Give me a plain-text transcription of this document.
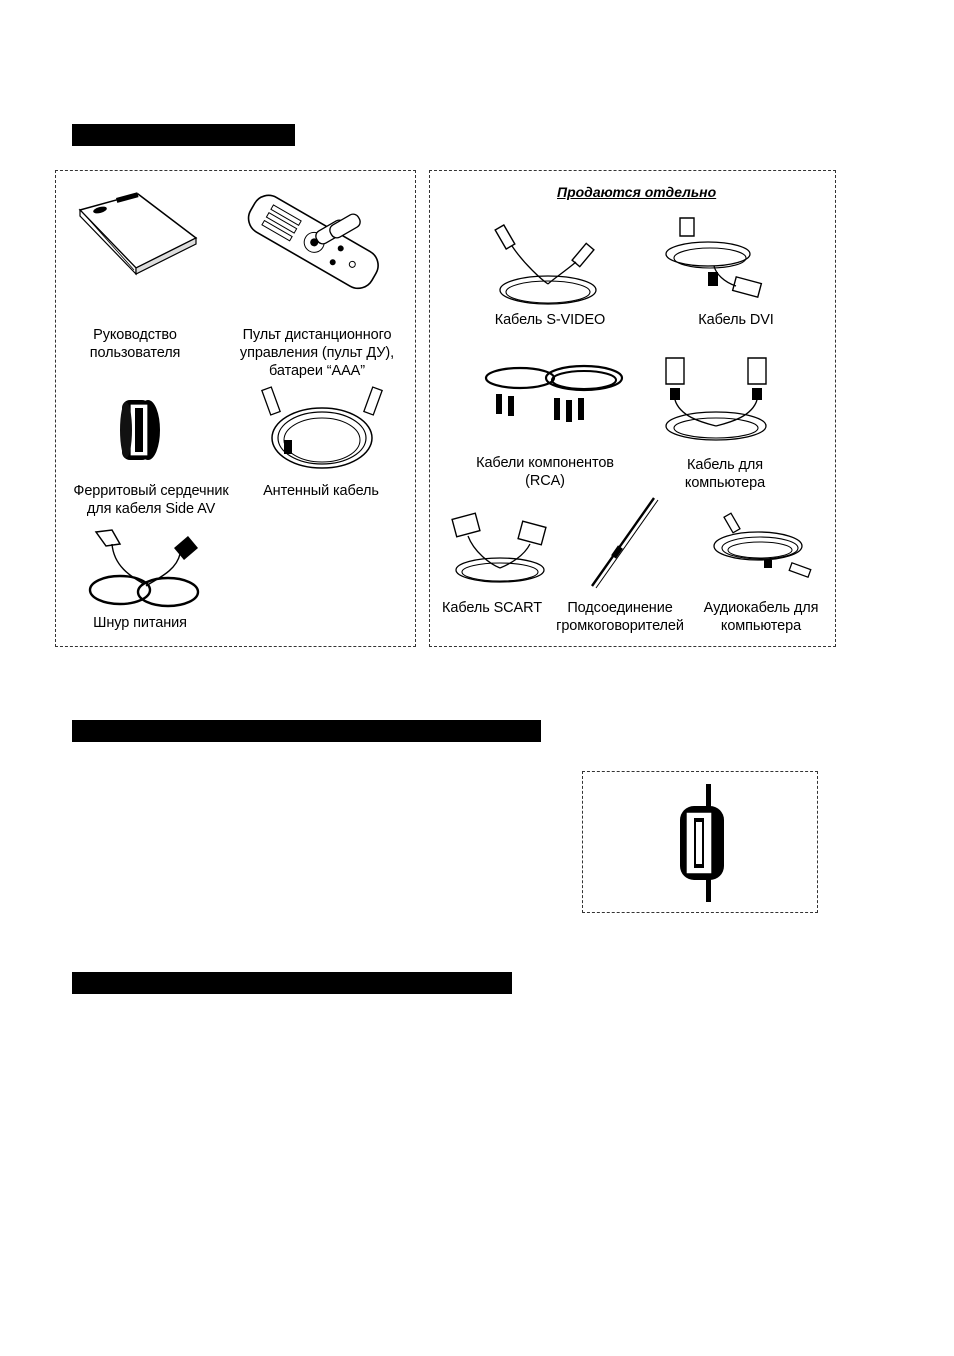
Руководство
пользователя
Пульт дистанционного
управления (пульт ДУ),
батареи “AAA”
Ферритовый сердечник
для кабеля Side AV
Антенный кабель
Шнур питания
Продаются отдельно
Кабель S-VIDEO	Кабель DVI
Кабели компонентов
(RCA)
Кабель для
компьютера
Кабель SCART	Подсоединение
громкоговорителей
Аудиокабель для
компьютера
